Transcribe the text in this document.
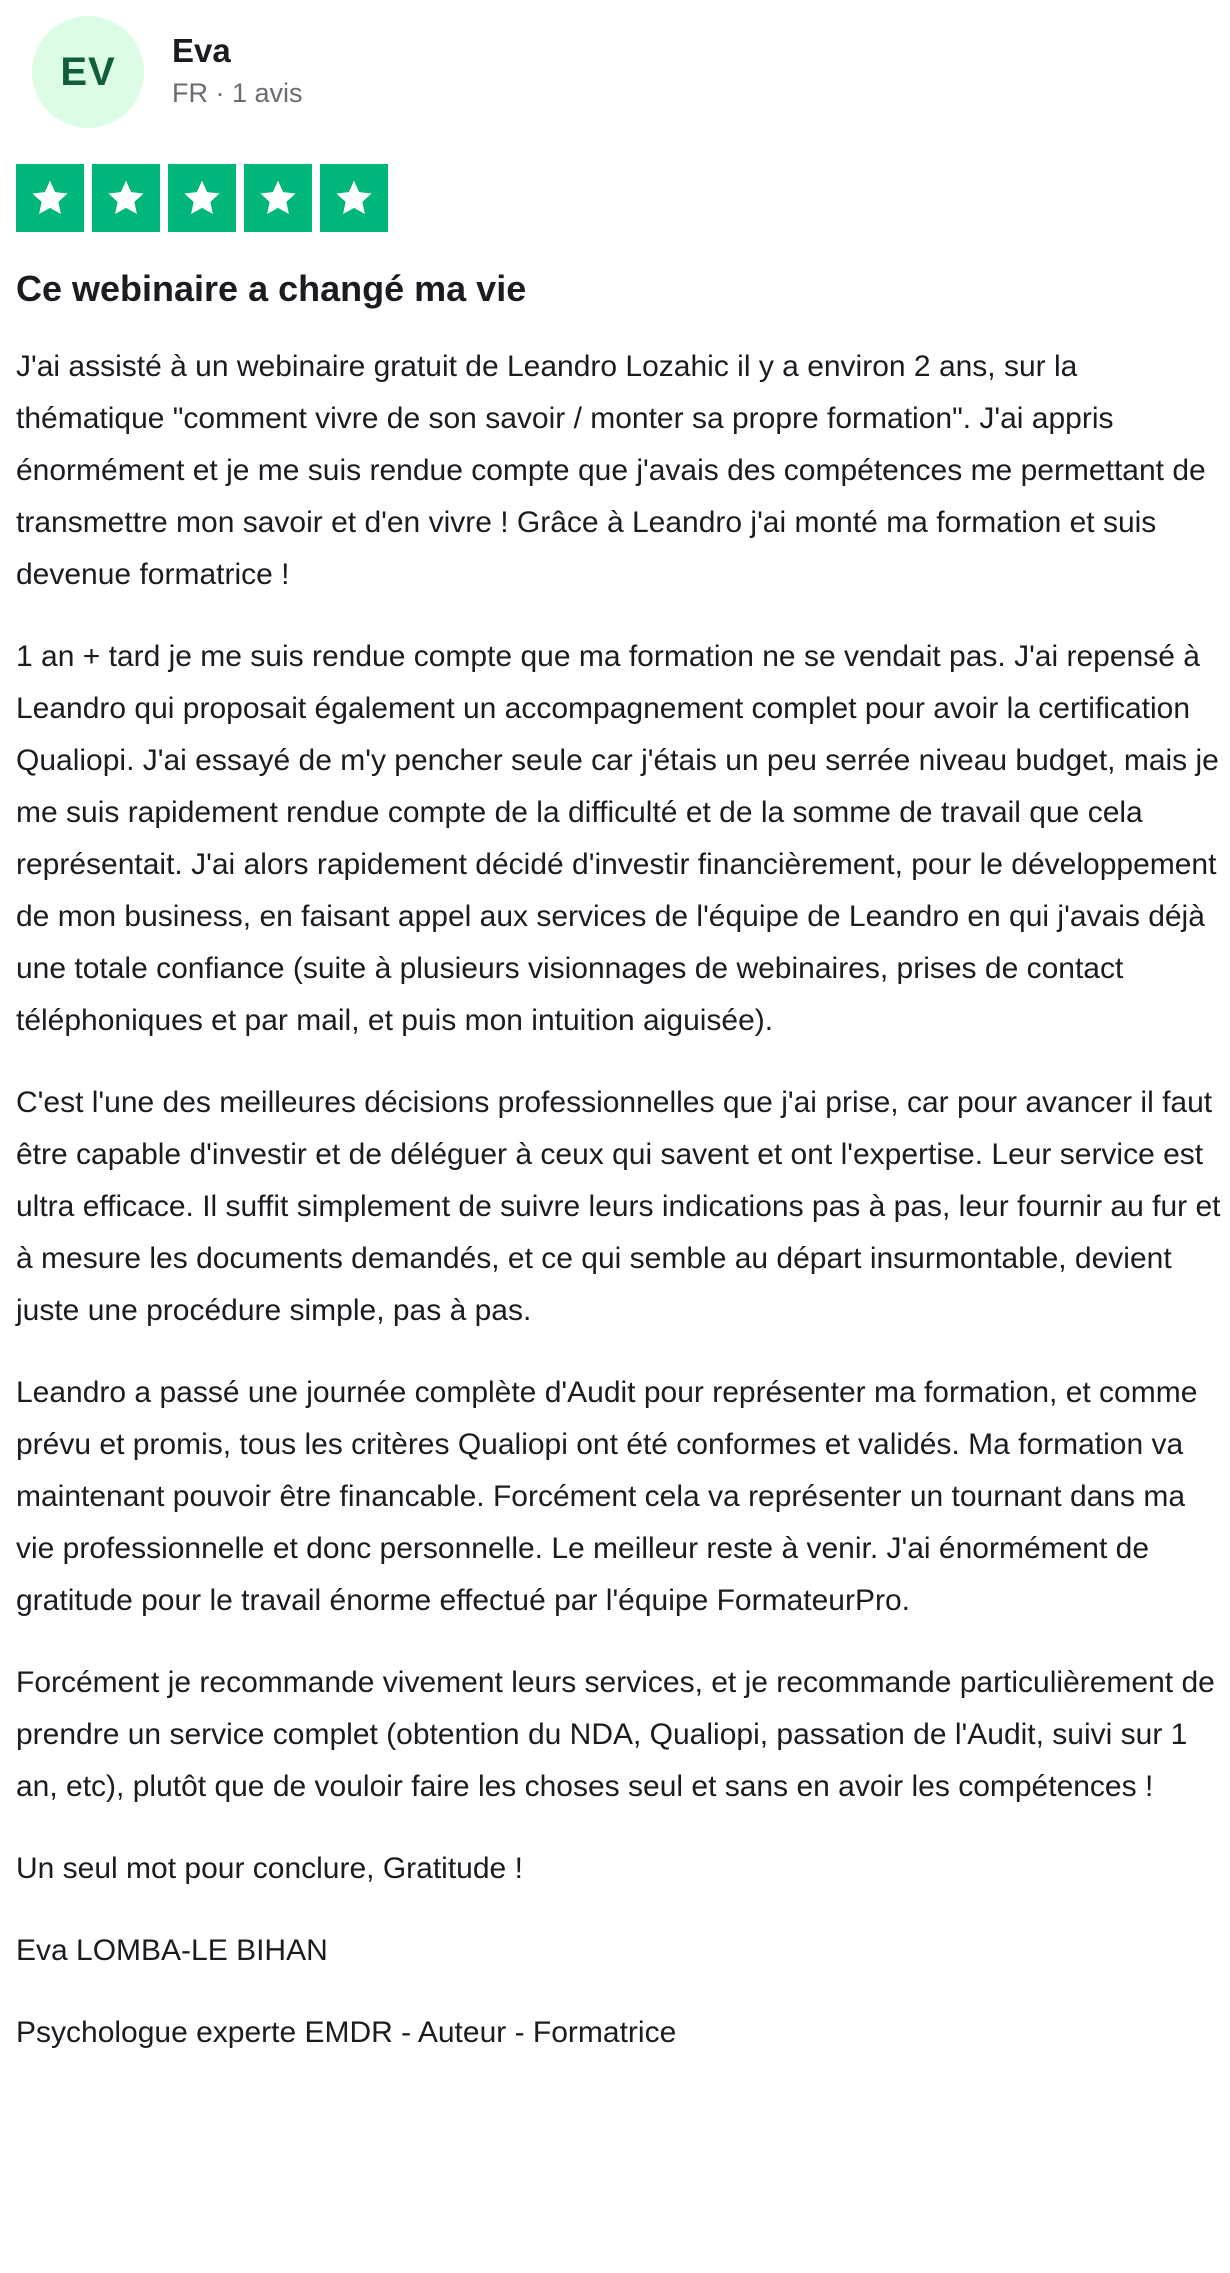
EV	Eva
FR · 1 avis
Ce webinaire a changé ma vie

J'ai assisté à un webinaire gratuit de Leandro Lozahic il y a environ 2 ans, sur la thématique "comment vivre de son savoir / monter sa propre formation". J'ai appris énormément et je me suis rendue compte que j'avais des compétences me permettant de transmettre mon savoir et d'en vivre ! Grâce à Leandro j'ai monté ma formation et suis devenue formatrice !

1 an + tard je me suis rendue compte que ma formation ne se vendait pas. J'ai repensé à Leandro qui proposait également un accompagnement complet pour avoir la certification Qualiopi. J'ai essayé de m'y pencher seule car j'étais un peu serrée niveau budget, mais je me suis rapidement rendue compte de la difficulté et de la somme de travail que cela représentait. J'ai alors rapidement décidé d'investir financièrement, pour le développement de mon business, en faisant appel aux services de l'équipe de Leandro en qui j'avais déjà une totale confiance (suite à plusieurs visionnages de webinaires, prises de contact téléphoniques et par mail, et puis mon intuition aiguisée).

C'est l'une des meilleures décisions professionnelles que j'ai prise, car pour avancer il faut être capable d'investir et de déléguer à ceux qui savent et ont l'expertise. Leur service est ultra efficace. Il suffit simplement de suivre leurs indications pas à pas, leur fournir au fur et à mesure les documents demandés, et ce qui semble au départ insurmontable, devient juste une procédure simple, pas à pas.

Leandro a passé une journée complète d'Audit pour représenter ma formation, et comme prévu et promis, tous les critères Qualiopi ont été conformes et validés. Ma formation va maintenant pouvoir être financable. Forcément cela va représenter un tournant dans ma vie professionnelle et donc personnelle. Le meilleur reste à venir. J'ai énormément de gratitude pour le travail énorme effectué par l'équipe FormateurPro.

Forcément je recommande vivement leurs services, et je recommande particulièrement de prendre un service complet (obtention du NDA, Qualiopi, passation de l'Audit, suivi sur 1 an, etc), plutôt que de vouloir faire les choses seul et sans en avoir les compétences !

Un seul mot pour conclure, Gratitude !

Eva LOMBA-LE BIHAN

Psychologue experte EMDR - Auteur - Formatrice
